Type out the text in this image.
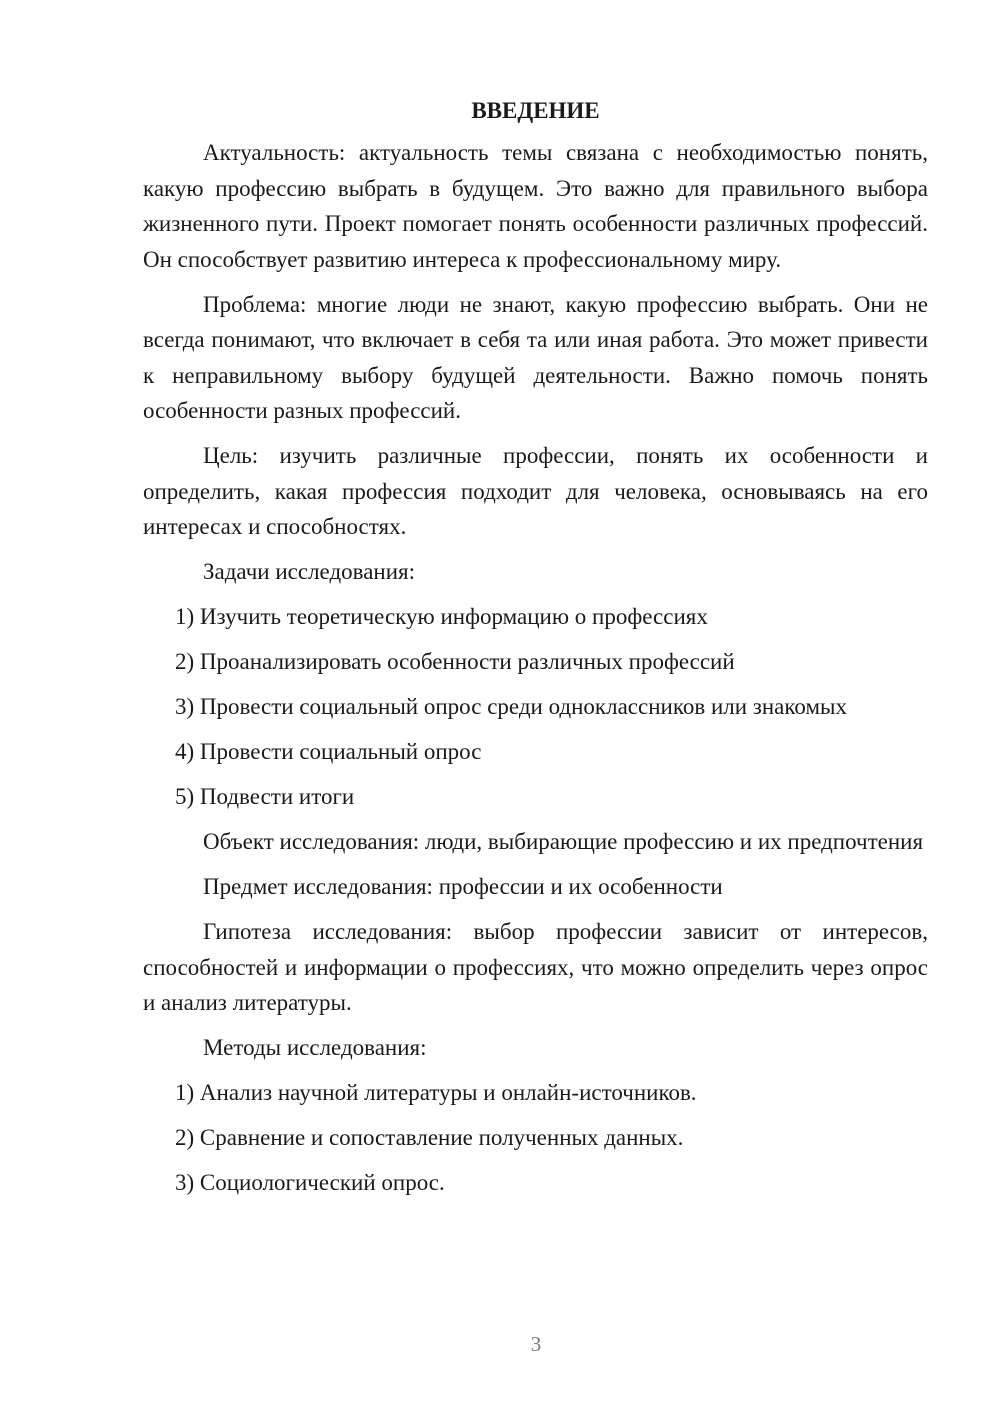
ВВЕДЕНИЕ

Актуальность: актуальность темы связана с необходимостью понять, какую профессию выбрать в будущем. Это важно для правильного выбора жизненного пути. Проект помогает понять особенности различных профессий. Он способствует развитию интереса к профессиональному миру.

Проблема: многие люди не знают, какую профессию выбрать. Они не всегда понимают, что включает в себя та или иная работа. Это может привести к неправильному выбору будущей деятельности. Важно помочь понять особенности разных профессий.

Цель: изучить различные профессии, понять их особенности и определить, какая профессия подходит для человека, основываясь на его интересах и способностях.

Задачи исследования:
1) Изучить теоретическую информацию о профессиях
2) Проанализировать особенности различных профессий
3) Провести социальный опрос среди одноклассников или знакомых
4) Провести социальный опрос
5) Подвести итоги

Объект исследования: люди, выбирающие профессию и их предпочтения

Предмет исследования: профессии и их особенности

Гипотеза исследования: выбор профессии зависит от интересов, способностей и информации о профессиях, что можно определить через опрос и анализ литературы.

Методы исследования:
1) Анализ научной литературы и онлайн-источников.
2) Сравнение и сопоставление полученных данных.
3) Социологический опрос.
3
